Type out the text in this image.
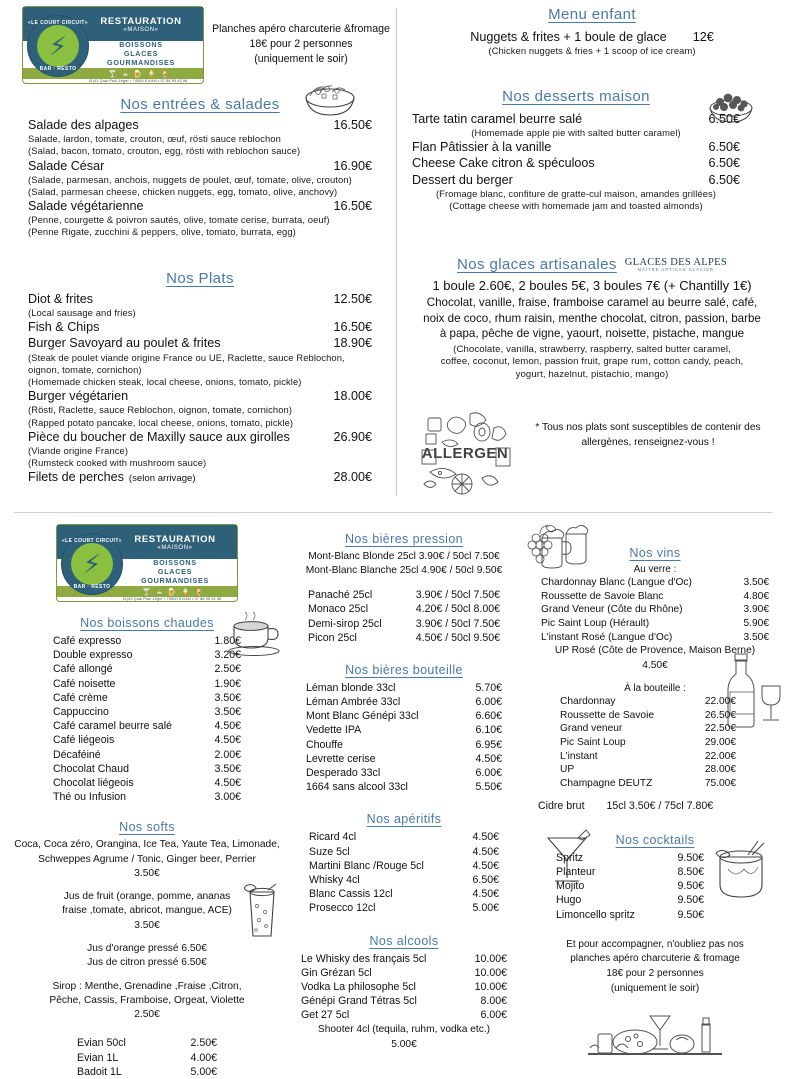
RESTAURATION
«MAISON»
BOISSONS
GLACES
GOURMANDISES
🍸 ☕ 🍺 🍦 🍹
41|43 Quai Paul-Léger • 74500 EVIAN • 07 88 95 42 58
«LE COURT CIRCUIT»
⚡
BAR · RESTO
Planches apéro charcuterie &fromage
18€ pour 2 personnes
(uniquement le soir)
Nos entrées & salades
Salade des alpages	16.50€
Salade, lardon, tomate, crouton, œuf, rösti sauce reblochon
(Salad, bacon, tomato, crouton, egg, rösti with reblochon sauce)
Salade César	16.90€
(Salade, parmesan, anchois, nuggets de poulet, œuf, tomate, olive, crouton)
(Salad, parmesan cheese, chicken nuggets, egg, tomato, olive, anchovy)
Salade végétarienne	16.50€
(Penne, courgette & poivron sautés, olive, tomate cerise, burrata, oeuf)
(Penne Rigate, zucchini & peppers, olive, tomato, burrata, egg)
Nos Plats
Diot & frites	12.50€
(Local sausage and fries)
Fish & Chips	16.50€
Burger Savoyard au poulet & frites	18.90€
(Steak de poulet viande origine France ou UE, Raclette, sauce Reblochon,
oignon, tomate, cornichon)
(Homemade chicken steak, local cheese, onions, tomato, pickle)
Burger végétarien	18.00€
(Rösti, Raclette, sauce Reblochon, oignon, tomate, cornichon)
(Rapped potato pancake, local cheese, onions, tomato, pickle)
Pièce du boucher de Maxilly sauce aux girolles	26.90€
(Viande origine France)
(Rumsteck cooked with mushroom sauce)
Filets de perches (selon arrivage)	28.00€
Menu enfant
Nuggets & frites + 1 boule de glace 12€
(Chicken nuggets & fries + 1 scoop of ice cream)
Nos desserts maison
Tarte tatin caramel beurre salé	6.50€
(Homemade apple pie with salted butter caramel)
Flan Pâtissier à la vanille	6.50€
Cheese Cake citron & spéculoos	6.50€
Dessert du berger	6.50€
(Fromage blanc, confiture de gratte-cul maison, amandes grillées)
(Cottage cheese with homemade jam and toasted almonds)
Nos glaces artisanales GLACES DES ALPES
MAÎTRE ARTISAN GLACIER
1 boule 2.60€, 2 boules 5€, 3 boules 7€ (+ Chantilly 1€)
Chocolat, vanille, fraise, framboise caramel au beurre salé, café,
noix de coco, rhum raisin, menthe chocolat, citron, passion, barbe
à papa, pêche de vigne, yaourt, noisette, pistache, mangue
(Chocolate, vanilla, strawberry, raspberry, salted butter caramel,
coffee, coconut, lemon, passion fruit, grape rum, cotton candy, peach,
yogurt, hazelnut, pistachio, mango)
ALLERGEN
* Tous nos plats sont susceptibles de contenir des
allergènes, renseignez-vous !
RESTAURATION
«MAISON»
BOISSONS
GLACES
GOURMANDISES
🍸 ☕ 🍺 🍦 🍹
41|43 Quai Paul-Léger • 74500 EVIAN • 07 88 95 42 58
«LE COURT CIRCUIT»
⚡
BAR · RESTO
Nos boissons chaudes
Café expresso	1.80€
Double expresso	3.20€
Café allongé	2.50€
Café noisette	1.90€
Café crème	3.50€
Cappuccino	3.50€
Café caramel beurre salé	4.50€
Café liégeois	4.50€
Décaféiné	2.00€
Chocolat Chaud	3.50€
Chocolat liégeois	4.50€
Thé ou Infusion	3.00€
Nos softs
Coca, Coca zéro, Orangina, Ice Tea, Yaute Tea, Limonade,
Schweppes Agrume / Tonic, Ginger beer, Perrier
3.50€
Jus de fruit (orange, pomme, ananas
fraise ,tomate, abricot, mangue, ACE)
3.50€
Jus d'orange pressé 6.50€
Jus de citron pressé 6.50€
Sirop : Menthe, Grenadine ,Fraise ,Citron,
Pêche, Cassis, Framboise, Orgeat, Violette
2.50€
Evian 50cl	2.50€
Evian 1L	4.00€
Badoit 1L	5.00€
Nos bières pression
Mont-Blanc Blonde 25cl 3.90€ / 50cl 7.50€
Mont-Blanc Blanche 25cl 4.90€ / 50cl 9.50€
Panaché 25cl	3.90€ / 50cl 7.50€
Monaco 25cl	4.20€ / 50cl 8.00€
Demi-sirop 25cl	3.90€ / 50cl 7.50€
Picon 25cl	4.50€ / 50cl 9.50€
Nos bières bouteille
Léman blonde 33cl	5.70€
Léman Ambrée 33cl	6.00€
Mont Blanc Génépi 33cl	6.60€
Vedette IPA	6.10€
Chouffe	6.95€
Levrette cerise	4.50€
Desperado 33cl	6.00€
1664 sans alcool 33cl	5.50€
Nos apéritifs
Ricard 4cl	4.50€
Suze 5cl	4.50€
Martini Blanc /Rouge 5cl	4.50€
Whisky 4cl	6.50€
Blanc Cassis 12cl	4.50€
Prosecco 12cl	5.00€
Nos alcools
Le Whisky des français 5cl	10.00€
Gin Grézan 5cl	10.00€
Vodka La philosophe 5cl	10.00€
Génépi Grand Tétras 5cl	8.00€
Get 27 5cl	6.00€
Shooter 4cl (tequila, ruhm, vodka etc.)
5.00€
Nos vins
Au verre :
Chardonnay Blanc (Langue d'Oc)	3.50€
Roussette de Savoie Blanc	4.80€
Grand Veneur (Côte du Rhône)	3.90€
Pic Saint Loup (Hérault)	5.90€
L'instant Rosé (Langue d'Oc)	3.50€
UP Rosé (Côte de Provence, Maison Berne)
4.50€
À la bouteille :
Chardonnay	22.00€
Roussette de Savoie	26.50€
Grand veneur	22.50€
Pic Saint Loup	29.00€
L'instant	22.00€
UP	28.00€
Champagne DEUTZ	75.00€
Cidre brut 15cl 3.50€ / 75cl 7.80€
Nos cocktails
Spritz	9.50€
Planteur	8.50€
Mojito	9.50€
Hugo	9.50€
Limoncello spritz	9.50€
Et pour accompagner, n'oubliez pas nos
planches apéro charcuterie & fromage
18€ pour 2 personnes
(uniquement le soir)
